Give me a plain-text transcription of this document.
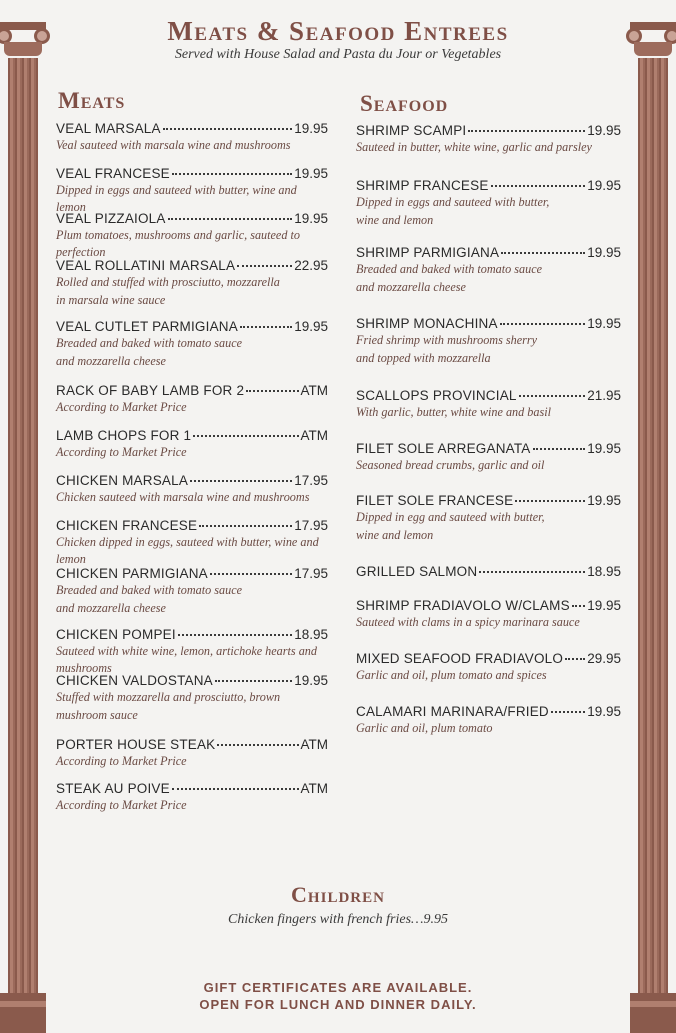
Meats & Seafood Entrees
Served with House Salad and Pasta du Jour or Vegetables
Meats	Seafood
VEAL MARSALA	19.95
Veal sauteed with marsala wine and mushrooms
VEAL FRANCESE	19.95
Dipped in eggs and sauteed with butter, wine and lemon
VEAL PIZZAIOLA	19.95
Plum tomatoes, mushrooms and garlic, sauteed to perfection
VEAL ROLLATINI MARSALA	22.95
Rolled and stuffed with prosciutto, mozzarella
in marsala wine sauce
VEAL CUTLET PARMIGIANA	19.95
Breaded and baked with tomato sauce
and mozzarella cheese
RACK OF BABY LAMB FOR 2	ATM
According to Market Price
LAMB CHOPS FOR 1	ATM
According to Market Price
CHICKEN MARSALA	17.95
Chicken sauteed with marsala wine and mushrooms
CHICKEN FRANCESE	17.95
Chicken dipped in eggs, sauteed with butter, wine and lemon
CHICKEN PARMIGIANA	17.95
Breaded and baked with tomato sauce
and mozzarella cheese
CHICKEN POMPEI	18.95
Sauteed with white wine, lemon, artichoke hearts and mushrooms
CHICKEN VALDOSTANA	19.95
Stuffed with mozzarella and prosciutto, brown
mushroom sauce
PORTER HOUSE STEAK	ATM
According to Market Price
STEAK AU POIVE	ATM
According to Market Price
SHRIMP SCAMPI	19.95
Sauteed in butter, white wine, garlic and parsley
SHRIMP FRANCESE	19.95
Dipped in eggs and sauteed with butter,
wine and lemon
SHRIMP PARMIGIANA	19.95
Breaded and baked with tomato sauce
and mozzarella cheese
SHRIMP MONACHINA	19.95
Fried shrimp with mushrooms sherry
and topped with mozzarella
SCALLOPS PROVINCIAL	21.95
With garlic, butter, white wine and basil
FILET SOLE ARREGANATA	19.95
Seasoned bread crumbs, garlic and oil
FILET SOLE FRANCESE	19.95
Dipped in egg and sauteed with butter,
wine and lemon
GRILLED SALMON	18.95
SHRIMP FRADIAVOLO W/CLAMS 19.95
Sauteed with clams in a spicy marinara sauce
MIXED SEAFOOD FRADIAVOLO 29.95
Garlic and oil, plum tomato and spices
CALAMARI MARINARA/FRIED	19.95
Garlic and oil, plum tomato
Children
Chicken fingers with french fries…9.95
GIFT CERTIFICATES ARE AVAILABLE.
OPEN FOR LUNCH AND DINNER DAILY.
